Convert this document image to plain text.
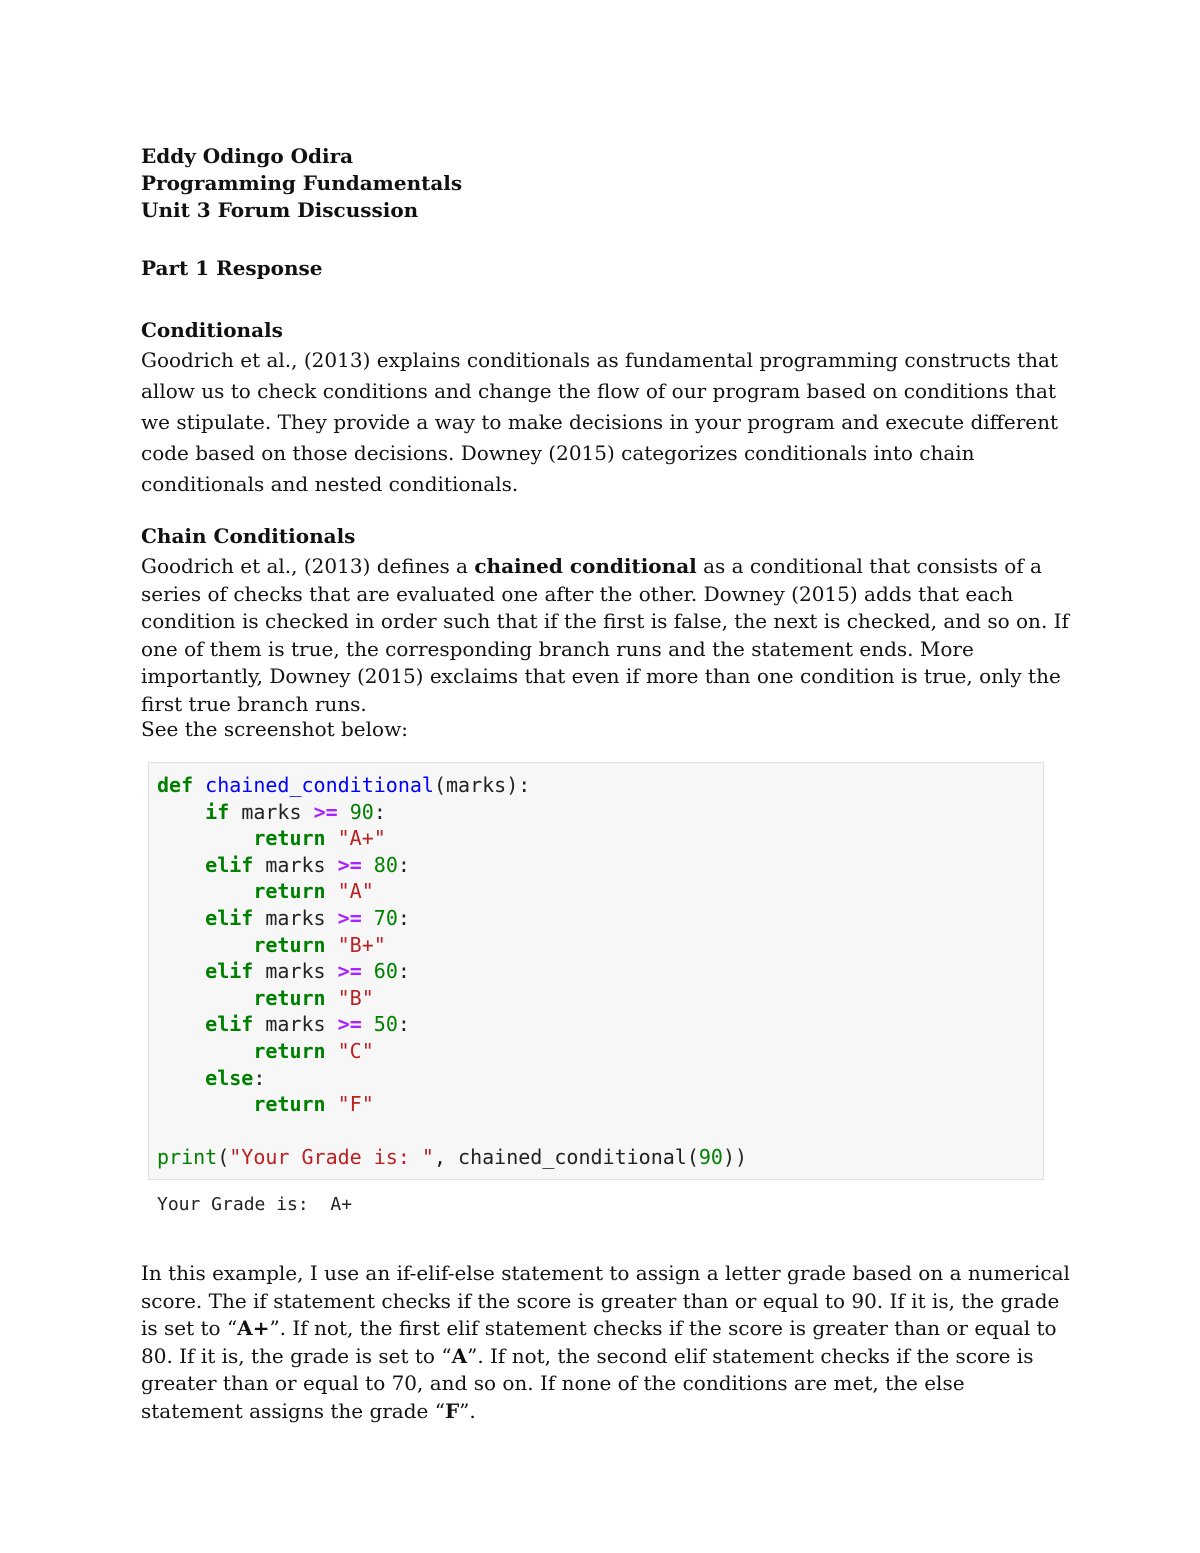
Eddy Odingo Odira

Programming Fundamentals

Unit 3 Forum Discussion

Part 1 Response

Conditionals

Goodrich et al., (2013) explains conditionals as fundamental programming constructs that allow us to check conditions and change the flow of our program based on conditions that we stipulate. They provide a way to make decisions in your program and execute different code based on those decisions. Downey (2015) categorizes conditionals into chain conditionals and nested conditionals.

Chain Conditionals

Goodrich et al., (2013) defines a chained conditional as a conditional that consists of a series of checks that are evaluated one after the other. Downey (2015) adds that each condition is checked in order such that if the first is false, the next is checked, and so on. If one of them is true, the corresponding branch runs and the statement ends. More importantly, Downey (2015) exclaims that even if more than one condition is true, only the first true branch runs.

See the screenshot below:

def chained_conditional(marks):
if marks >= 90:
return "A+"
elif marks >= 80:
return "A"
elif marks >= 70:
return "B+"
elif marks >= 60:
return "B"
elif marks >= 50:
return "C"
else:
return "F"

print("Your Grade is: ", chained_conditional(90))
Your Grade is:  A+

In this example, I use an if-elif-else statement to assign a letter grade based on a numerical score. The if statement checks if the score is greater than or equal to 90. If it is, the grade is set to “A+”. If not, the first elif statement checks if the score is greater than or equal to 80. If it is, the grade is set to “A”. If not, the second elif statement checks if the score is greater than or equal to 70, and so on. If none of the conditions are met, the else statement assigns the grade “F”.
